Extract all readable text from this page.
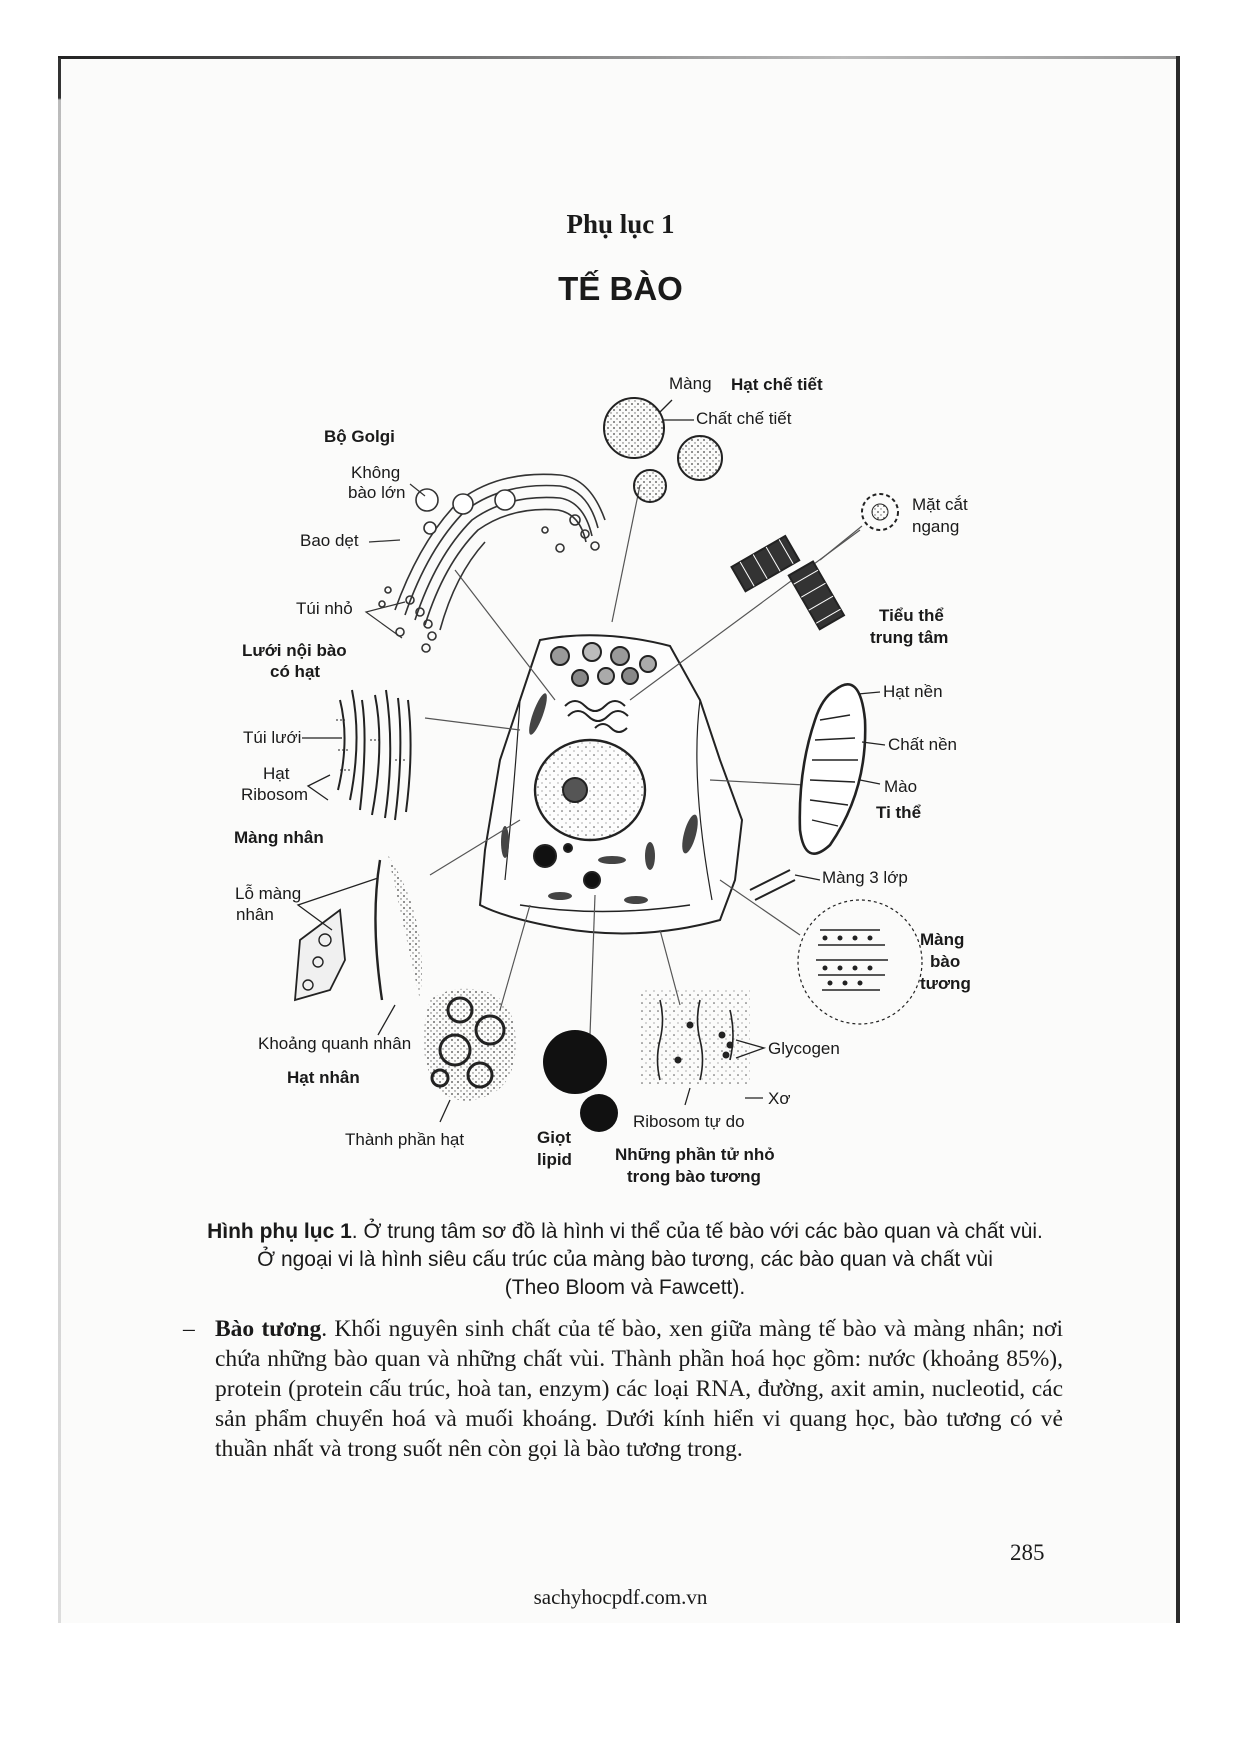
Phụ lục 1
TẾ BÀO
Màng Hạt chế tiết
Chất chế tiết
Bộ Golgi
Không
bào lớn
Bao dẹt
Túi nhỏ
Lưới nội bào
có hạt
Mặt cắt
ngang
Tiểu thể
trung tâm
Hạt nền
Chất nền
Mào
Ti thể
Túi lưới
Hạt
Ribosom
Màng nhân
Lỗ màng
nhân
Khoảng quanh nhân
Hạt nhân
Thành phần hạt	Giọt
lipid
Glycogen
Xơ
Ribosom tự do
Những phần tử nhỏ
trong bào tương
Màng 3 lớp
Màng
bào
tương
Hình phụ lục 1. Ở trung tâm sơ đồ là hình vi thể của tế bào với các bào quan và chất vùi.
Ở ngoại vi là hình siêu cấu trúc của màng bào tương, các bào quan và chất vùi
(Theo Bloom và Fawcett).
– Bào tương. Khối nguyên sinh chất của tế bào, xen giữa màng tế bào và màng nhân; nơi chứa những bào quan và những chất vùi. Thành phần hoá học gồm: nước (khoảng 85%), protein (protein cấu trúc, hoà tan, enzym) các loại RNA, đường, axit amin, nucleotid, các sản phẩm chuyển hoá và muối khoáng. Dưới kính hiển vi quang học, bào tương có vẻ thuần nhất và trong suốt nên còn gọi là bào tương trong.
285
sachyhocpdf.com.vn
